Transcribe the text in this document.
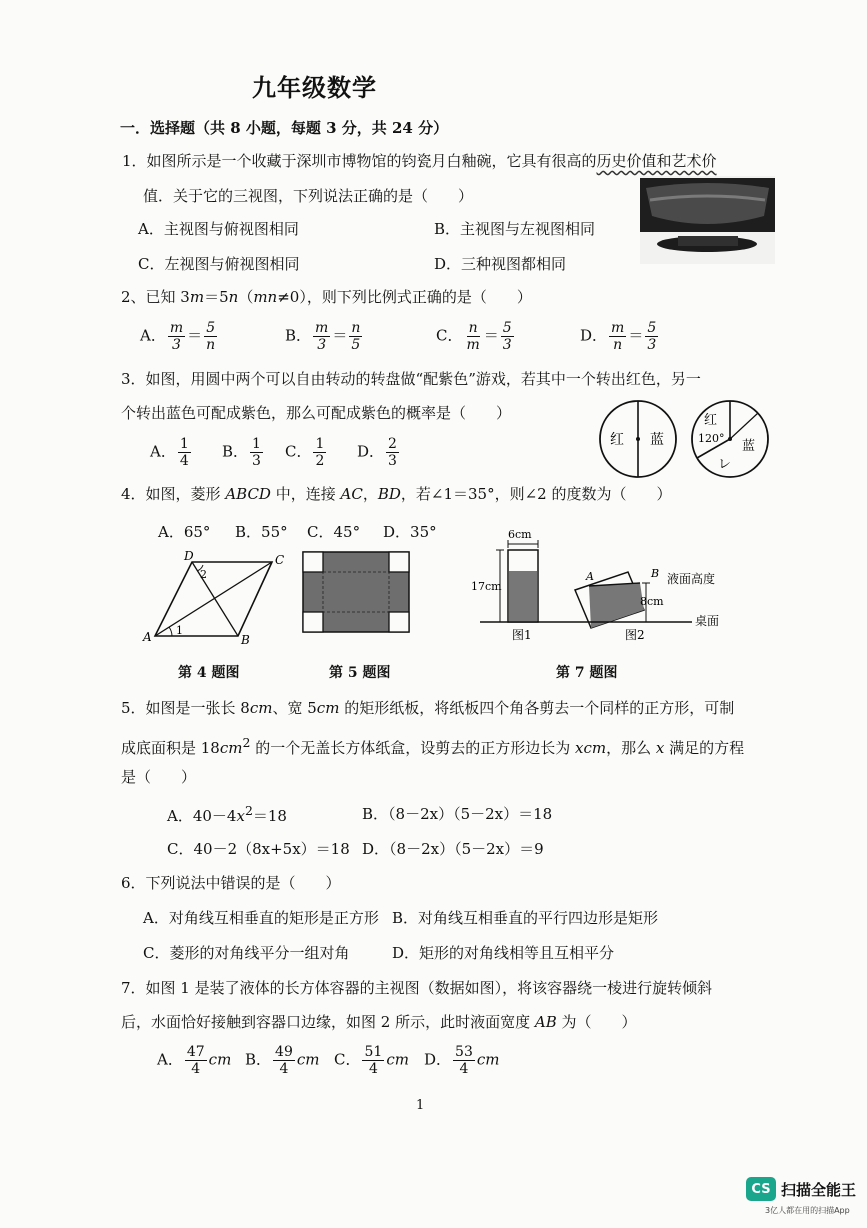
九年级数学
一．选择题（共 8 小题，每题 3 分，共 24 分）
1．如图所示是一个收藏于深圳市博物馆的钧瓷月白釉碗，它具有很高的历史价值和艺术价
值．关于它的三视图，下列说法正确的是（　　）
A．主视图与俯视图相同	B．主视图与左视图相同
C．左视图与俯视图相同	D．三种视图都相同
2、已知 3m＝5n（mn≠0），则下列比例式正确的是（　　）
A． $\frac{m}{3} = \frac{5}{n}$	B． $\frac{m}{3} = \frac{n}{5}$	C． $\frac{n}{m} = \frac{5}{3}$	D． $\frac{m}{n} = \frac{5}{3}$
3．如图，用圆中两个可以自由转动的转盘做“配紫色”游戏，若其中一个转出红色，另一
个转出蓝色可配成紫色，那么可配成紫色的概率是（　　）
A． $\frac{1}{4}$ B． $\frac{1}{3}$ C． $\frac{1}{2}$ D． $\frac{2}{3}$	红 蓝
红
120°
蓝
レ
4．如图，菱形 ABCD 中，连接 AC，BD，若∠1＝35°，则∠2 的度数为（　　）
A．65° B．55° C．45° D．35°
A	B
C
D
1
2
6cm
17cm
A	B
8cm
液面高度
桌面
图1	图2
第 4 题图	第 5 题图	第 7 题图
5．如图是一张长 8cm、宽 5cm 的矩形纸板，将纸板四个角各剪去一个同样的正方形，可制
成底面积是 $18cm^2$ 的一个无盖长方体纸盒，设剪去的正方形边长为 xcm，那么 x 满足的方程
是（　　）
A．$40-4x^2=18$	B．（8－2x）（5－2x）＝18
C．40－2（8x+5x）＝18 D．（8－2x）（5－2x）＝9
6．下列说法中错误的是（　　）
A．对角线互相垂直的矩形是正方形 B．对角线互相垂直的平行四边形是矩形
C．菱形的对角线平分一组对角	D．矩形的对角线相等且互相平分
7．如图 1 是装了液体的长方体容器的主视图（数据如图），将该容器绕一棱进行旋转倾斜
后，水面恰好接触到容器口边缘，如图 2 所示，此时液面宽度 AB 为（　　）
A． $\frac{47}{4}$ cm B． $\frac{49}{4}$ cm C． $\frac{51}{4}$ cm D． $\frac{53}{4}$ cm
1
CS 扫描全能王
3亿人都在用的扫描App
